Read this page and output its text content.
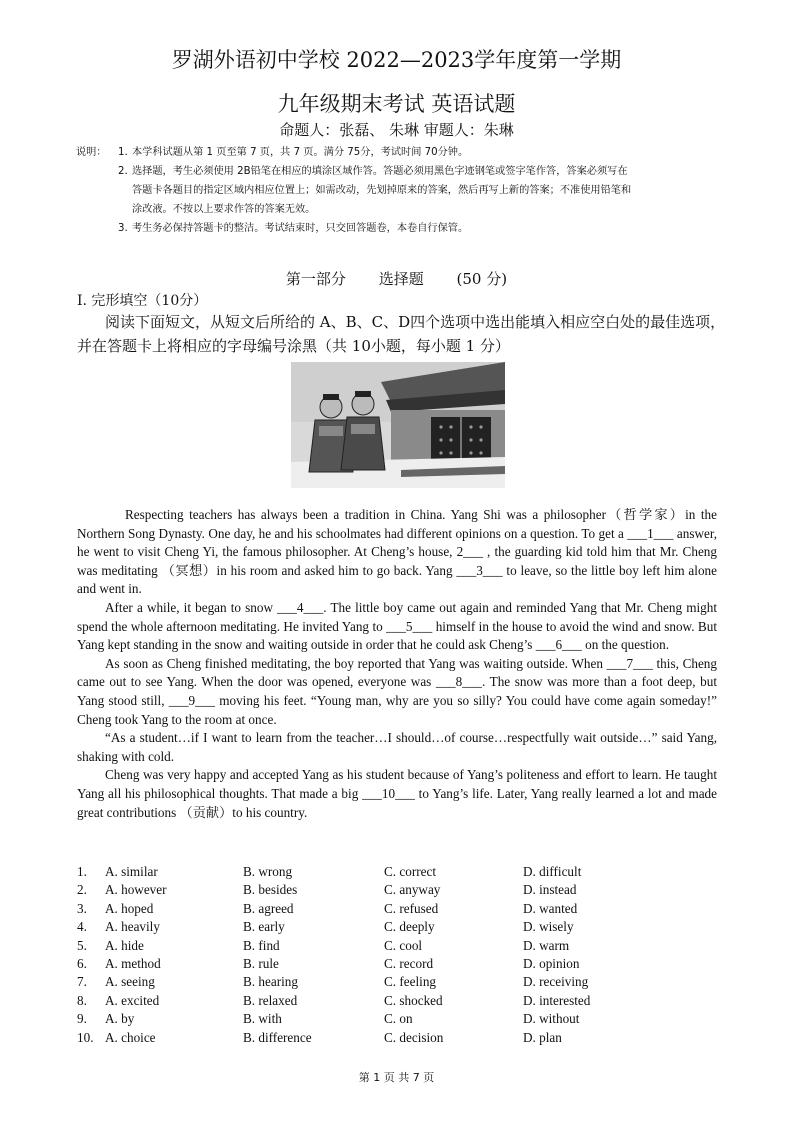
罗湖外语初中学校 2022—2023学年度第一学期
九年级期末考试 英语试题
命题人：张磊、 朱琳 审题人：朱琳
说明：	1. 本学科试题从第 1 页至第 7 页，共 7 页。满分 75分，考试时间 70分钟。
2. 选择题，考生必须使用 2B铅笔在相应的填涂区域作答。答题必须用黑色字迹钢笔或签字笔作答，答案必须写在
答题卡各题目的指定区域内相应位置上；如需改动，先划掉原来的答案，然后再写上新的答案；不准使用铅笔和
涂改液。不按以上要求作答的答案无效。
3. 考生务必保持答题卡的整洁。考试结束时，只交回答题卷，本卷自行保管。
第一部分 选择题 (50 分)
I. 完形填空（10分）
阅读下面短文，从短文后所给的 A、B、C、D四个选项中选出能填入相应空白处的最佳选项，并在答题卡上将相应的字母编号涂黑（共 10小题，每小题 1 分）

Respecting teachers has always been a tradition in China. Yang Shi was a philosopher（哲学家）in the Northern Song Dynasty. One day, he and his schoolmates had different opinions on a question. To get a ___1___ answer, he went to visit Cheng Yi, the famous philosopher. At Cheng’s house, 2___ , the guarding kid told him that Mr. Cheng was meditating （冥想）in his room and asked him to go back. Yang ___3___ to leave, so the little boy left him alone and went in.

After a while, it began to snow ___4___. The little boy came out again and reminded Yang that Mr. Cheng might spend the whole afternoon meditating. He invited Yang to ___5___ himself in the house to avoid the wind and snow. But Yang kept standing in the snow and waiting outside in order that he could ask Cheng’s ___6___ on the question.

As soon as Cheng finished meditating, the boy reported that Yang was waiting outside. When ___7___ this, Cheng came out to see Yang. When the door was opened, everyone was ___8___. The snow was more than a foot deep, but Yang stood still, ___9___ moving his feet. “Young man, why are you so silly? You could have come again someday!” Cheng took Yang to the room at once.

“As a student…if I want to learn from the teacher…I should…of course…respectfully wait outside…” said Yang, shaking with cold.

Cheng was very happy and accepted Yang as his student because of Yang’s politeness and effort to learn. He taught Yang all his philosophical thoughts. That made a big ___10___ to Yang’s life. Later, Yang really learned a lot and made great contributions （贡献）to his country.

1.	A. similar	B. wrong	C. correct	D. difficult
2.	A. however	B. besides	C. anyway	D. instead
3.	A. hoped	B. agreed	C. refused	D. wanted
4.	A. heavily	B. early	C. deeply	D. wisely
5.	A. hide	B. find	C. cool	D. warm
6.	A. method	B. rule	C. record	D. opinion
7.	A. seeing	B. hearing	C. feeling	D. receiving
8.	A. excited	B. relaxed	C. shocked	D. interested
9.	A. by	B. with	C. on	D. without
10. A. choice	B. difference	C. decision	D. plan
第 1 页 共 7 页
